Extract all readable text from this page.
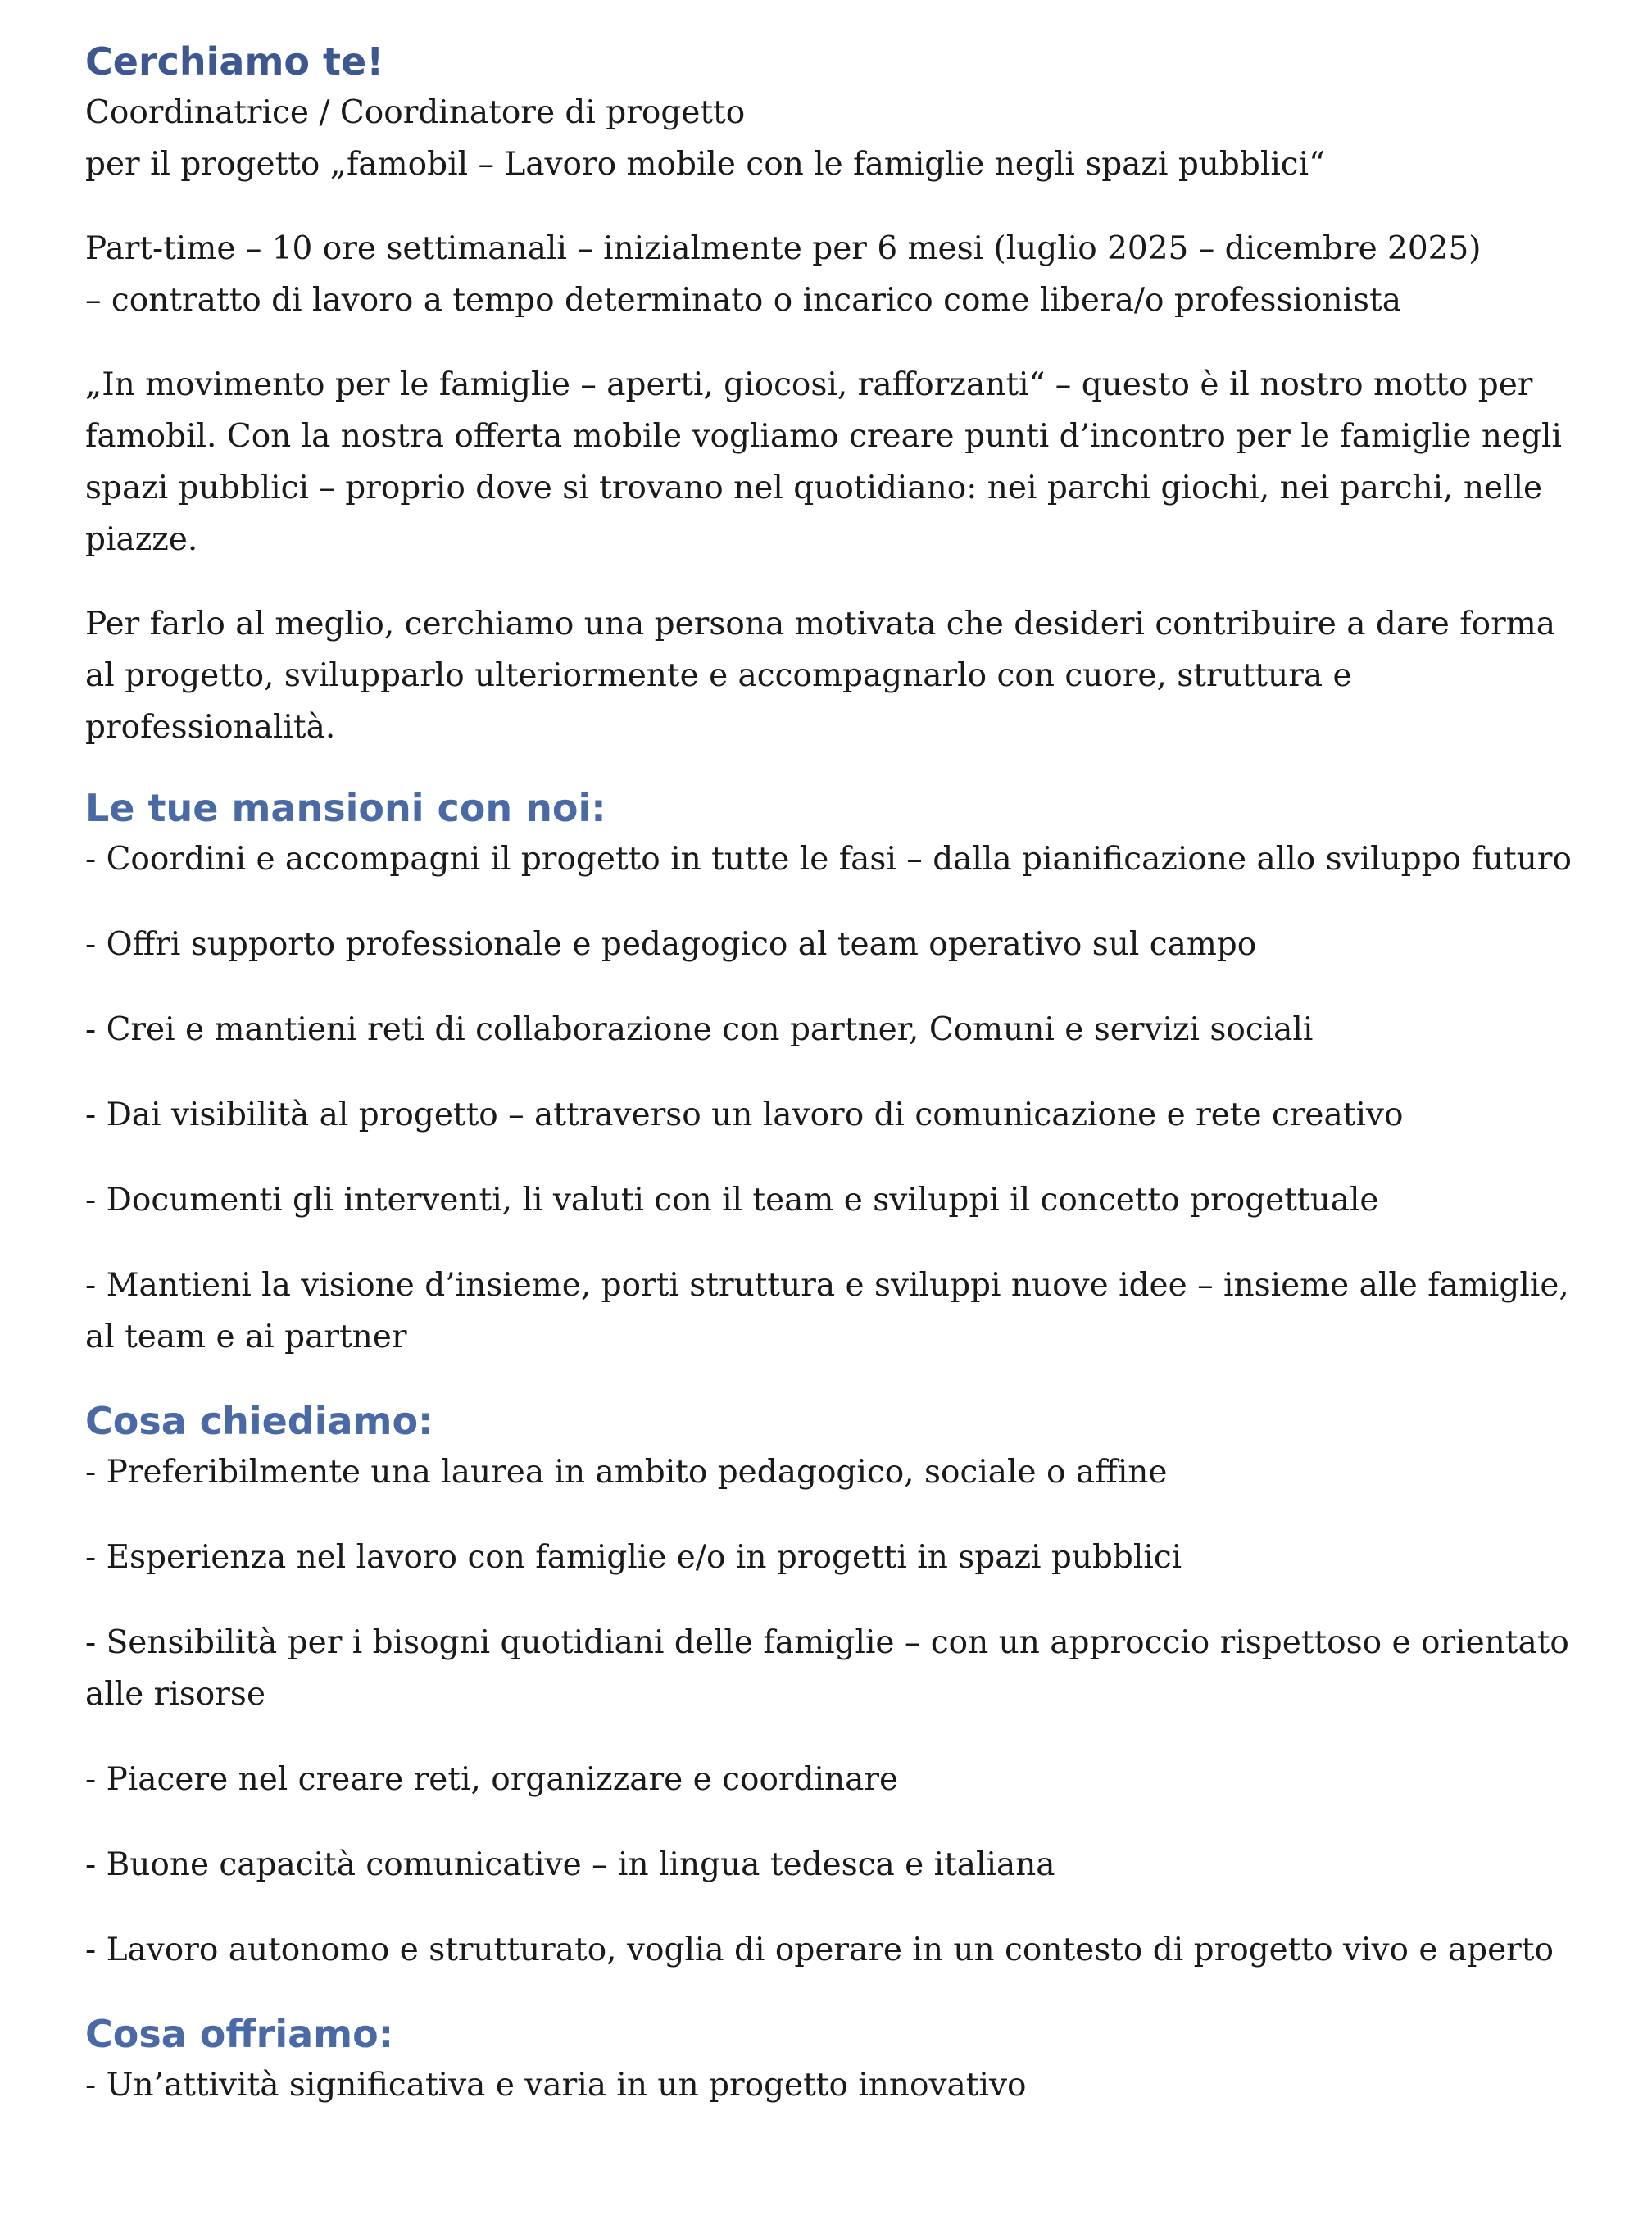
Cerchiamo te!

Coordinatrice / Coordinatore di progetto

per il progetto „famobil – Lavoro mobile con le famiglie negli spazi pubblici“

Part-time – 10 ore settimanali – inizialmente per 6 mesi (luglio 2025 – dicembre 2025)

– contratto di lavoro a tempo determinato o incarico come libera/o professionista

„In movimento per le famiglie – aperti, giocosi, rafforzanti“ – questo è il nostro motto per famobil. Con la nostra offerta mobile vogliamo creare punti d’incontro per le famiglie negli spazi pubblici – proprio dove si trovano nel quotidiano: nei parchi giochi, nei parchi, nelle piazze.

Per farlo al meglio, cerchiamo una persona motivata che desideri contribuire a dare forma al progetto, svilupparlo ulteriormente e accompagnarlo con cuore, struttura e professionalità.

Le tue mansioni con noi:

- Coordini e accompagni il progetto in tutte le fasi – dalla pianificazione allo sviluppo futuro

- Offri supporto professionale e pedagogico al team operativo sul campo

- Crei e mantieni reti di collaborazione con partner, Comuni e servizi sociali

- Dai visibilità al progetto – attraverso un lavoro di comunicazione e rete creativo

- Documenti gli interventi, li valuti con il team e sviluppi il concetto progettuale

- Mantieni la visione d’insieme, porti struttura e sviluppi nuove idee – insieme alle famiglie, al team e ai partner

Cosa chiediamo:

- Preferibilmente una laurea in ambito pedagogico, sociale o affine

- Esperienza nel lavoro con famiglie e/o in progetti in spazi pubblici

- Sensibilità per i bisogni quotidiani delle famiglie – con un approccio rispettoso e orientato alle risorse

- Piacere nel creare reti, organizzare e coordinare

- Buone capacità comunicative – in lingua tedesca e italiana

- Lavoro autonomo e strutturato, voglia di operare in un contesto di progetto vivo e aperto

Cosa offriamo:

- Un’attività significativa e varia in un progetto innovativo
